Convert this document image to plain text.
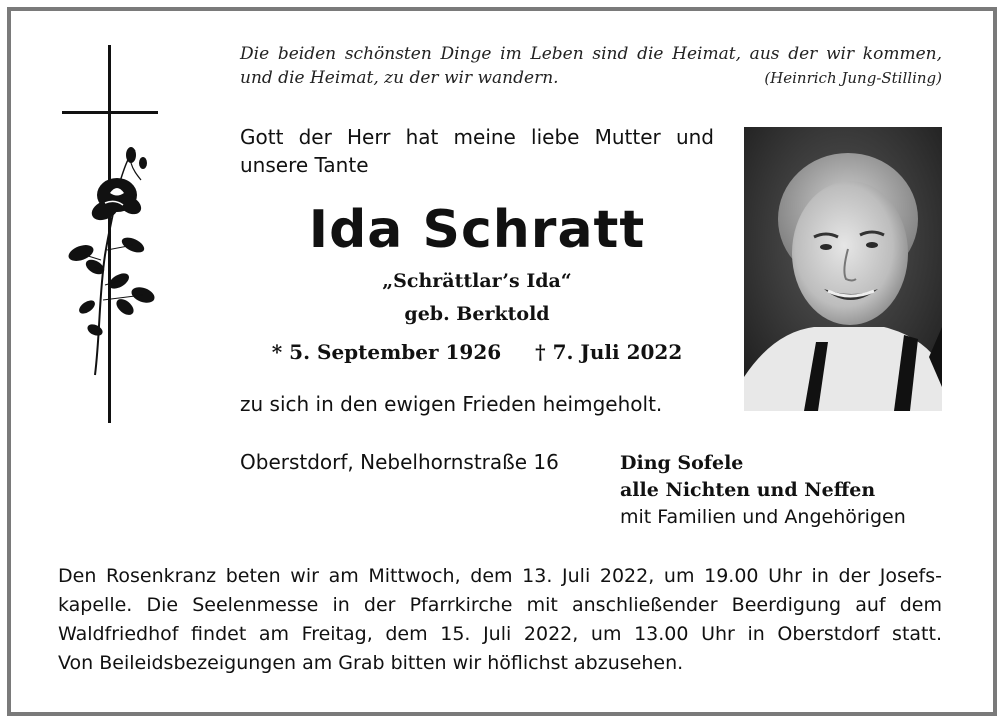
Die beiden schönsten Dinge im Leben sind die Heimat, aus der wir kommen,
und die Heimat, zu der wir wandern.	(Heinrich Jung-Stilling)
Gott der Herr hat meine liebe Mutter und
unsere Tante
Ida Schratt
„Schrättlar’s Ida“
geb. Berktold
* 5. September 1926 † 7. Juli 2022
zu sich in den ewigen Frieden heimgeholt.
Oberstdorf, Nebelhornstraße 16	Ding Sofele
alle Nichten und Neffen
mit Familien und Angehörigen
Den Rosenkranz beten wir am Mittwoch, dem 13. Juli 2022, um 19.00 Uhr in der Josefs-
kapelle. Die Seelenmesse in der Pfarrkirche mit anschließender Beerdigung auf dem
Waldfriedhof findet am Freitag, dem 15. Juli 2022, um 13.00 Uhr in Oberstdorf statt.
Von Beileidsbezeigungen am Grab bitten wir höflichst abzusehen.
